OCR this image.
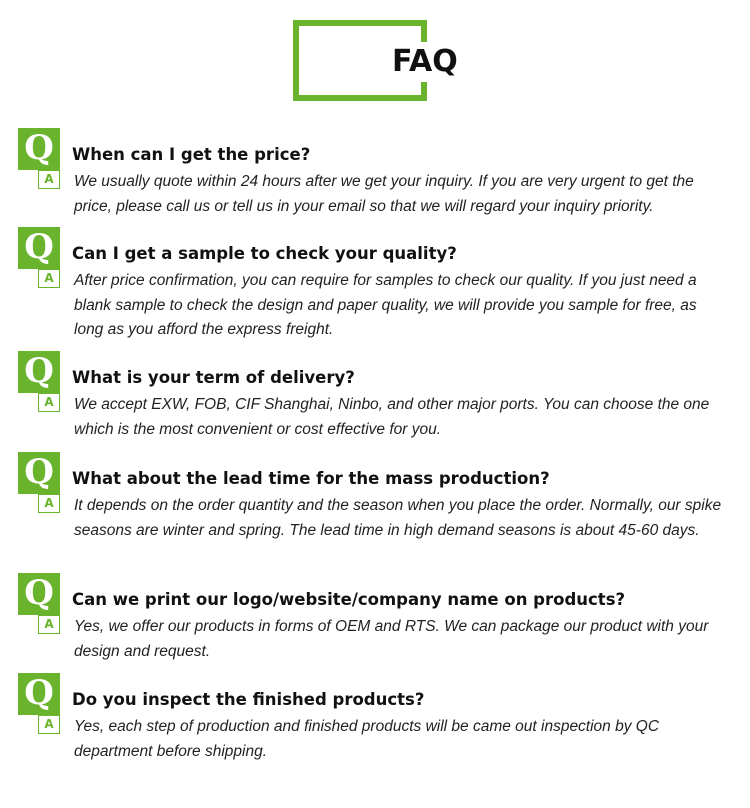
FAQ
Q
A
When can I get the price?
We usually quote within 24 hours after we get your inquiry. If you are very urgent to get the price, please call us or tell us in your email so that we will regard your inquiry priority.
Q
A
Can I get a sample to check your quality?
After price confirmation, you can require for samples to check our quality. If you just need a blank sample to check the design and paper quality, we will provide you sample for free, as long as you afford the express freight.
Q
A
What is your term of delivery?
We accept EXW, FOB, CIF Shanghai, Ninbo, and other major ports. You can choose the one which is the most convenient or cost effective for you.
Q
A
What about the lead time for the mass production?
It depends on the order quantity and the season when you place the order. Normally, our spike seasons are winter and spring. The lead time in high demand seasons is about 45-60 days.
Q
A
Can we print our logo/website/company name on products?
Yes, we offer our products in forms of OEM and RTS. We can package our product with your design and request.
Q
A
Do you inspect the finished products?
Yes, each step of production and finished products will be came out inspection by QC department before shipping.
